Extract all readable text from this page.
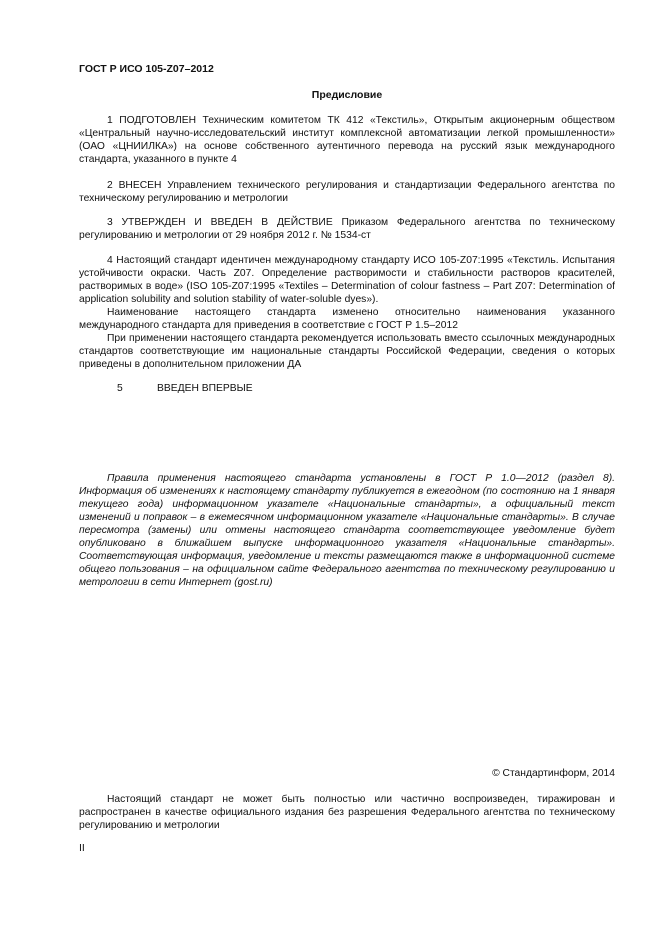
ГОСТ Р ИСО 105-Z07–2012
Предисловие

1 ПОДГОТОВЛЕН Техническим комитетом ТК 412 «Текстиль», Открытым акционерным обществом «Центральный научно-исследовательский институт комплексной автоматизации легкой промышленности» (ОАО «ЦНИИЛКА») на основе собственного аутентичного перевода на русский язык международного стандарта, указанного в пункте 4

2 ВНЕСЕН Управлением технического регулирования и стандартизации Федерального агентства по техническому регулированию и метрологии

3 УТВЕРЖДЕН И ВВЕДЕН В ДЕЙСТВИЕ Приказом Федерального агентства по техническому регулированию и метрологии от 29 ноября 2012 г. № 1534-ст

4 Настоящий стандарт идентичен международному стандарту ИСО 105-Z07:1995 «Текстиль. Испытания устойчивости окраски. Часть Z07. Определение растворимости и стабильности растворов красителей, растворимых в воде» (ISO 105-Z07:1995 «Textiles – Determination of colour fastness – Part Z07: Determination of application solubility and solution stability of water-soluble dyes»).

Наименование настоящего стандарта изменено относительно наименования указанного международного стандарта для приведения в соответствие с ГОСТ Р 1.5–2012

При применении настоящего стандарта рекомендуется использовать вместо ссылочных международных стандартов соответствующие им национальные стандарты Российской Федерации, сведения о которых приведены в дополнительном приложении ДА

5	ВВЕДЕН ВПЕРВЫЕ

Правила применения настоящего стандарта установлены в ГОСТ Р 1.0—2012 (раздел 8). Информация об изменениях к настоящему стандарту публикуется в ежегодном (по состоянию на 1 января текущего года) информационном указателе «Национальные стандарты», а официальный текст изменений и поправок – в ежемесячном информационном указателе «Национальные стандарты». В случае пересмотра (замены) или отмены настоящего стандарта соответствующее уведомление будет опубликовано в ближайшем выпуске информационного указателя «Национальные стандарты». Соответствующая информация, уведомление и тексты размещаются также в информационной системе общего пользования – на официальном сайте Федерального агентства по техническому регулированию и метрологии в сети Интернет (gost.ru)

© Стандартинформ, 2014

Настоящий стандарт не может быть полностью или частично воспроизведен, тиражирован и распространен в качестве официального издания без разрешения Федерального агентства по техническому регулированию и метрологии

II
